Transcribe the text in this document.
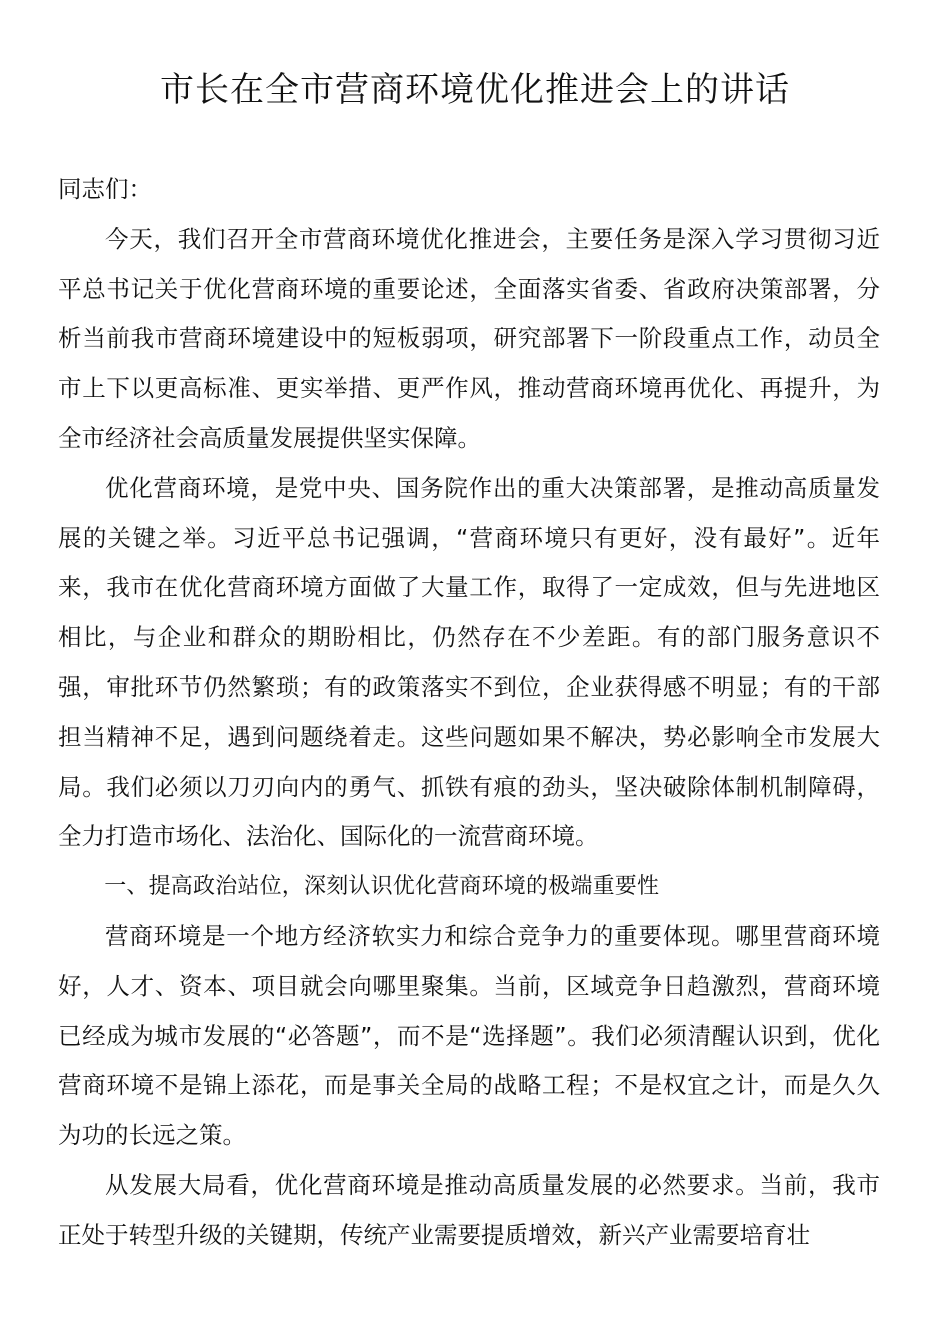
市长在全市营商环境优化推进会上的讲话

同志们：

今天，我们召开全市营商环境优化推进会，主要任务是深入学习贯彻习近平总书记关于优化营商环境的重要论述，全面落实省委、省政府决策部署，分析当前我市营商环境建设中的短板弱项，研究部署下一阶段重点工作，动员全市上下以更高标准、更实举措、更严作风，推动营商环境再优化、再提升，为全市经济社会高质量发展提供坚实保障。

优化营商环境，是党中央、国务院作出的重大决策部署，是推动高质量发展的关键之举。习近平总书记强调，“营商环境只有更好，没有最好”。近年来，我市在优化营商环境方面做了大量工作，取得了一定成效，但与先进地区相比，与企业和群众的期盼相比，仍然存在不少差距。有的部门服务意识不强，审批环节仍然繁琐；有的政策落实不到位，企业获得感不明显；有的干部担当精神不足，遇到问题绕着走。这些问题如果不解决，势必影响全市发展大局。我们必须以刀刃向内的勇气、抓铁有痕的劲头，坚决破除体制机制障碍，全力打造市场化、法治化、国际化的一流营商环境。

一、提高政治站位，深刻认识优化营商环境的极端重要性

营商环境是一个地方经济软实力和综合竞争力的重要体现。哪里营商环境好，人才、资本、项目就会向哪里聚集。当前，区域竞争日趋激烈，营商环境已经成为城市发展的“必答题”，而不是“选择题”。我们必须清醒认识到，优化营商环境不是锦上添花，而是事关全局的战略工程；不是权宜之计，而是久久为功的长远之策。

从发展大局看，优化营商环境是推动高质量发展的必然要求。当前，我市正处于转型升级的关键期，传统产业需要提质增效，新兴产业需要培育壮
